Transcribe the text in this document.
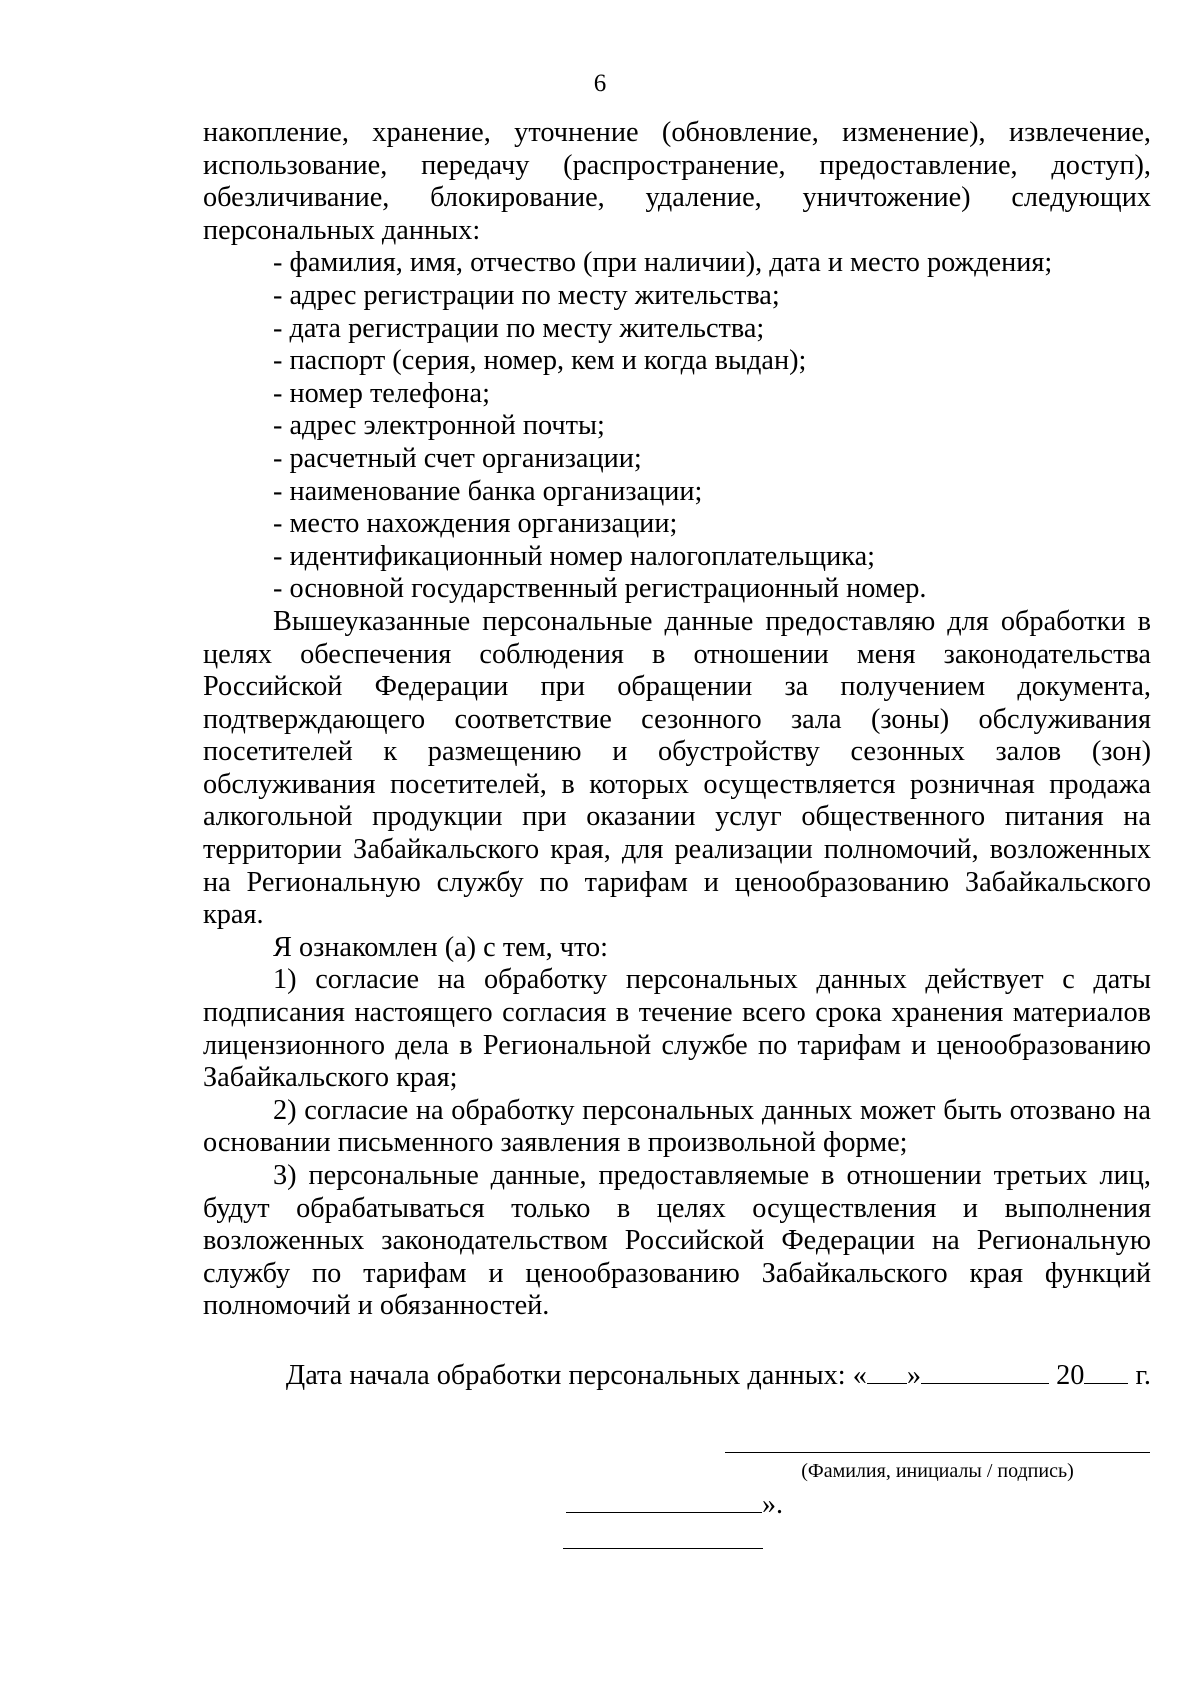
6

накопление, хранение, уточнение (обновление, изменение), извлечение, использование, передачу (распространение, предоставление, доступ), обезличивание, блокирование, удаление, уничтожение) следующих персональных данных:

- фамилия, имя, отчество (при наличии), дата и место рождения;

- адрес регистрации по месту жительства;

- дата регистрации по месту жительства;

- паспорт (серия, номер, кем и когда выдан);

- номер телефона;

- адрес электронной почты;

- расчетный счет организации;

- наименование банка организации;

- место нахождения организации;

- идентификационный номер налогоплательщика;

- основной государственный регистрационный номер.

Вышеуказанные персональные данные предоставляю для обработки в целях обеспечения соблюдения в отношении меня законодательства Российской Федерации при обращении за получением документа, подтверждающего соответствие сезонного зала (зоны) обслуживания посетителей к размещению и обустройству сезонных залов (зон) обслуживания посетителей, в которых осуществляется розничная продажа алкогольной продукции при оказании услуг общественного питания на территории Забайкальского края, для реализации полномочий, возложенных на Региональную службу по тарифам и ценообразованию Забайкальского края.

Я ознакомлен (а) с тем, что:

1) согласие на обработку персональных данных действует с даты подписания настоящего согласия в течение всего срока хранения материалов лицензионного дела в Региональной службе по тарифам и ценообразованию Забайкальского края;

2) согласие на обработку персональных данных может быть отозвано на основании письменного заявления в произвольной форме;

3) персональные данные, предоставляемые в отношении третьих лиц, будут обрабатываться только в целях осуществления и выполнения возложенных законодательством Российской Федерации на Региональную службу по тарифам и ценообразованию Забайкальского края функций полномочий и обязанностей.

Дата начала обработки персональных данных: « »	20 г.
(Фамилия, инициалы / подпись)
».
